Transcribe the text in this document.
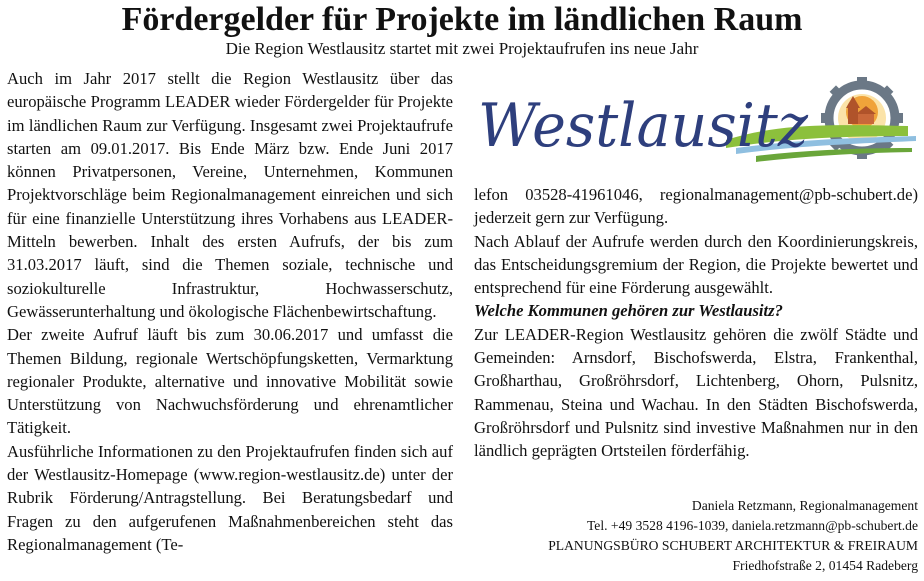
Fördergelder für Projekte im ländlichen Raum
Die Region Westlausitz startet mit zwei Projektaufrufen ins neue Jahr

Auch im Jahr 2017 stellt die Region Westlausitz über das europäische Programm LEADER wieder Fördergelder für Projekte im ländlichen Raum zur Verfügung. Insgesamt zwei Projektaufrufe starten am 09.01.2017. Bis Ende März bzw. Ende Juni 2017 können Privatpersonen, Vereine, Unternehmen, Kommunen Projektvorschläge beim Regionalmanagement einreichen und sich für eine finanzielle Unterstützung ihres Vorhabens aus LEADER-Mitteln bewerben. Inhalt des ersten Aufrufs, der bis zum 31.03.2017 läuft, sind die Themen soziale, technische und soziokulturelle Infrastruktur, Hochwasserschutz, Gewässerunterhaltung und ökologische Flächenbewirtschaftung.

Der zweite Aufruf läuft bis zum 30.06.2017 und umfasst die Themen Bildung, regionale Wertschöpfungsketten, Vermarktung regionaler Produkte, alternative und innovative Mobilität sowie Unterstützung von Nachwuchsförderung und ehrenamtlicher Tätigkeit.

Ausführliche Informationen zu den Projektaufrufen finden sich auf der Westlausitz-Homepage (www.region-westlausitz.de) unter der Rubrik Förderung/Antragstellung. Bei Beratungsbedarf und Fragen zu den aufgerufenen Maßnahmenbereichen steht das Regionalmanagement (Te-

Westlausitz

lefon 03528-41961046, regionalmanagement@pb-schubert.de) jederzeit gern zur Verfügung.

Nach Ablauf der Aufrufe werden durch den Koordinierungskreis, das Entscheidungsgremium der Region, die Projekte bewertet und entsprechend für eine Förderung ausgewählt.

Welche Kommunen gehören zur Westlausitz?

Zur LEADER-Region Westlausitz gehören die zwölf Städte und Gemeinden: Arnsdorf, Bischofswerda, Elstra, Frankenthal, Großharthau, Großröhrsdorf, Lichtenberg, Ohorn, Pulsnitz, Rammenau, Steina und Wachau. In den Städten Bischofswerda, Großröhrsdorf und Pulsnitz sind investive Maßnahmen nur in den ländlich geprägten Ortsteilen förderfähig.

Daniela Retzmann, Regionalmanagement
Tel. +49 3528 4196-1039, daniela.retzmann@pb-schubert.de
PLANUNGSBÜRO SCHUBERT ARCHITEKTUR & FREIRAUM
Friedhofstraße 2, 01454 Radeberg
